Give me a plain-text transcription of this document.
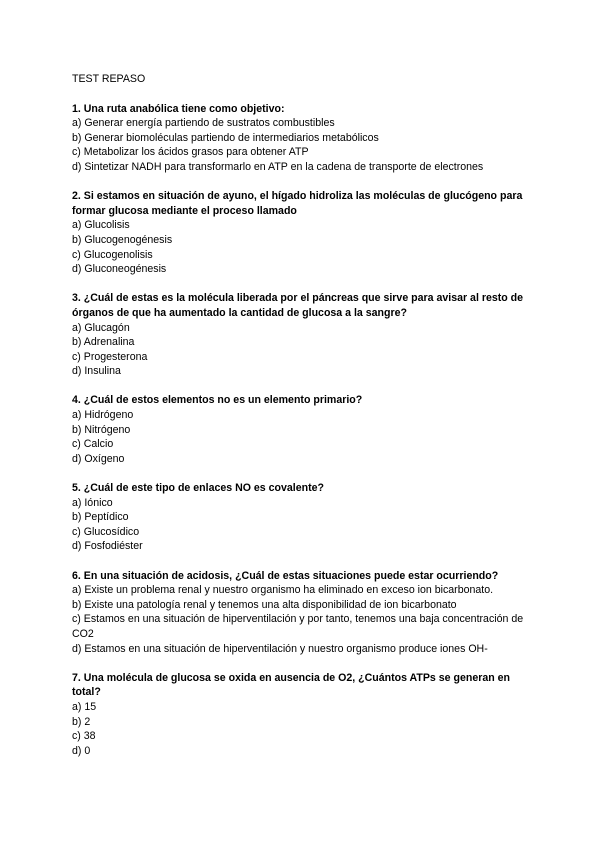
TEST REPASO
1. Una ruta anabólica tiene como objetivo:
a) Generar energía partiendo de sustratos combustibles
b) Generar biomoléculas partiendo de intermediarios metabólicos
c) Metabolizar los ácidos grasos para obtener ATP
d) Sintetizar NADH para transformarlo en ATP en la cadena de transporte de electrones
2. Si estamos en situación de ayuno, el hígado hidroliza las moléculas de glucógeno para formar glucosa mediante el proceso llamado
a) Glucolisis
b) Glucogenogénesis
c) Glucogenolisis
d) Gluconeogénesis
3. ¿Cuál de estas es la molécula liberada por el páncreas que sirve para avisar al resto de órganos de que ha aumentado la cantidad de glucosa a la sangre?
a) Glucagón
b) Adrenalina
c) Progesterona
d) Insulina
4. ¿Cuál de estos elementos no es un elemento primario?
a) Hidrógeno
b) Nitrógeno
c) Calcio
d) Oxígeno
5. ¿Cuál de este tipo de enlaces NO es covalente?
a) Iónico
b) Peptídico
c) Glucosídico
d) Fosfodiéster
6. En una situación de acidosis, ¿Cuál de estas situaciones puede estar ocurriendo?
a) Existe un problema renal y nuestro organismo ha eliminado en exceso ion bicarbonato.
b) Existe una patología renal y tenemos una alta disponibilidad de ion bicarbonato
c) Estamos en una situación de hiperventilación y por tanto, tenemos una baja concentración de CO2
d) Estamos en una situación de hiperventilación y nuestro organismo produce iones OH-
7. Una molécula de glucosa se oxida en ausencia de O2, ¿Cuántos ATPs se generan en total?
a) 15
b) 2
c) 38
d) 0
